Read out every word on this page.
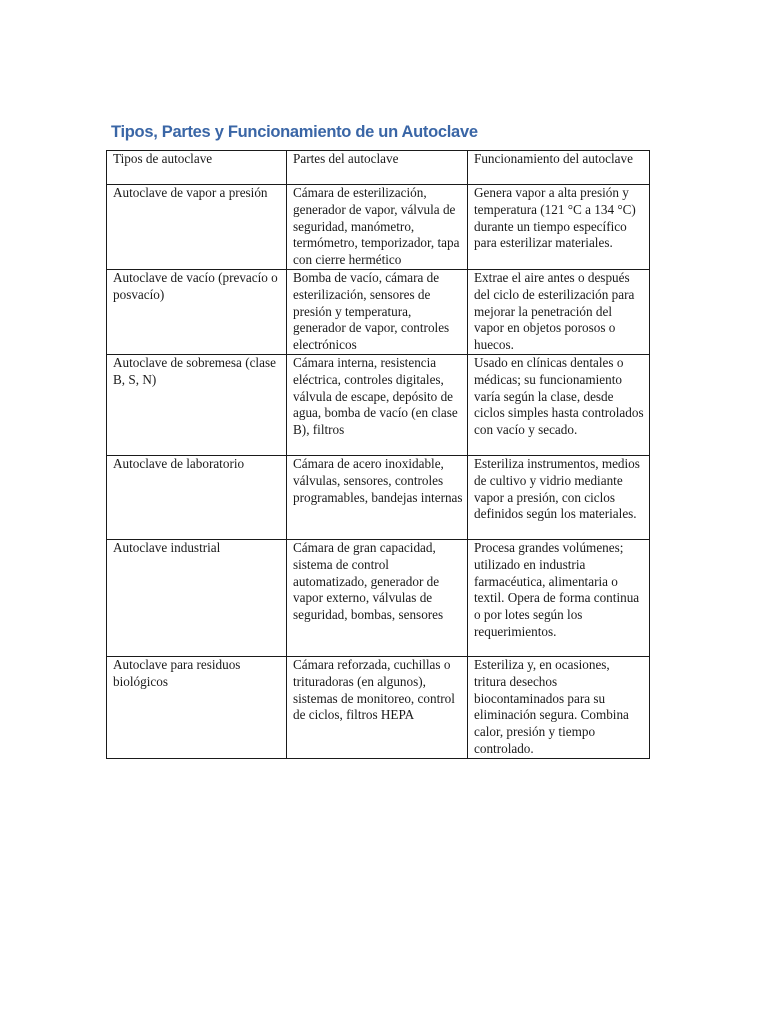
Tipos, Partes y Funcionamiento de un Autoclave
Tipos de autoclave	Partes del autoclave	Funcionamiento del autoclave
Autoclave de vapor a presión	Cámara de esterilización, generador de vapor, válvula de seguridad, manómetro, termómetro, temporizador, tapa con cierre hermético	Genera vapor a alta presión y temperatura (121 °C a 134 °C) durante un tiempo específico para esterilizar materiales.
Autoclave de vacío (prevacío o posvacío)	Bomba de vacío, cámara de esterilización, sensores de presión y temperatura, generador de vapor, controles electrónicos	Extrae el aire antes o después del ciclo de esterilización para mejorar la penetración del vapor en objetos porosos o huecos.
Autoclave de sobremesa (clase B, S, N)	Cámara interna, resistencia eléctrica, controles digitales, válvula de escape, depósito de agua, bomba de vacío (en clase B), filtros	Usado en clínicas dentales o médicas; su funcionamiento varía según la clase, desde ciclos simples hasta controlados con vacío y secado.
Autoclave de laboratorio	Cámara de acero inoxidable, válvulas, sensores, controles programables, bandejas internas	Esteriliza instrumentos, medios de cultivo y vidrio mediante vapor a presión, con ciclos definidos según los materiales.
Autoclave industrial	Cámara de gran capacidad, sistema de control automatizado, generador de vapor externo, válvulas de seguridad, bombas, sensores	Procesa grandes volúmenes; utilizado en industria farmacéutica, alimentaria o textil. Opera de forma continua o por lotes según los requerimientos.
Autoclave para residuos biológicos	Cámara reforzada, cuchillas o trituradoras (en algunos), sistemas de monitoreo, control de ciclos, filtros HEPA	Esteriliza y, en ocasiones, tritura desechos biocontaminados para su eliminación segura. Combina calor, presión y tiempo controlado.
